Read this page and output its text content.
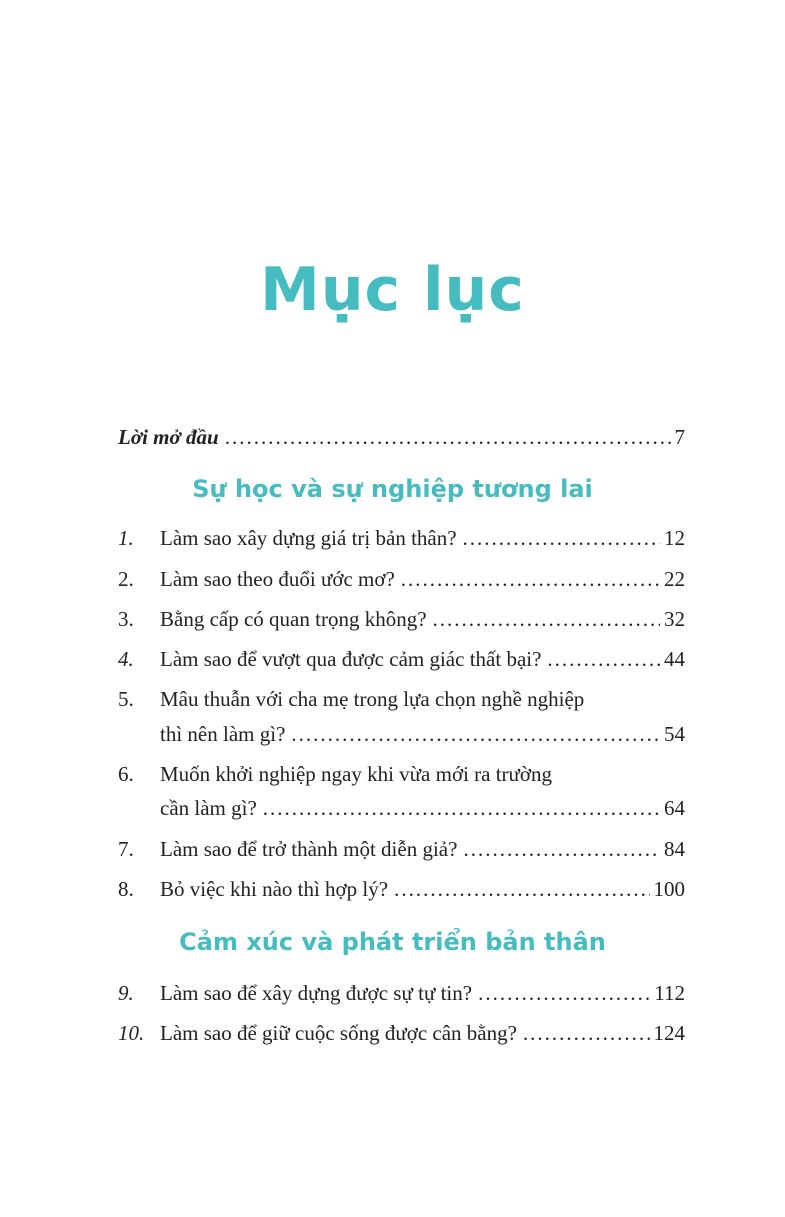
Mục lục
Lời mở đầu .....	7
Sự học và sự nghiệp tương lai
1.	Làm sao xây dựng giá trị bản thân? .....	12
2.	Làm sao theo đuổi ước mơ? .....	22
3.	Bằng cấp có quan trọng không? .....	32
4.	Làm sao để vượt qua được cảm giác thất bại? .....	44
5.	Mâu thuẫn với cha mẹ trong lựa chọn nghề nghiệp
thì nên làm gì? .....	54
6.	Muốn khởi nghiệp ngay khi vừa mới ra trường
cần làm gì? .....	64
7.	Làm sao để trở thành một diễn giả? .....	84
8.	Bỏ việc khi nào thì hợp lý? .....	100
Cảm xúc và phát triển bản thân
9.	Làm sao để xây dựng được sự tự tin? .....	112
10. Làm sao để giữ cuộc sống được cân bằng? .....	124
